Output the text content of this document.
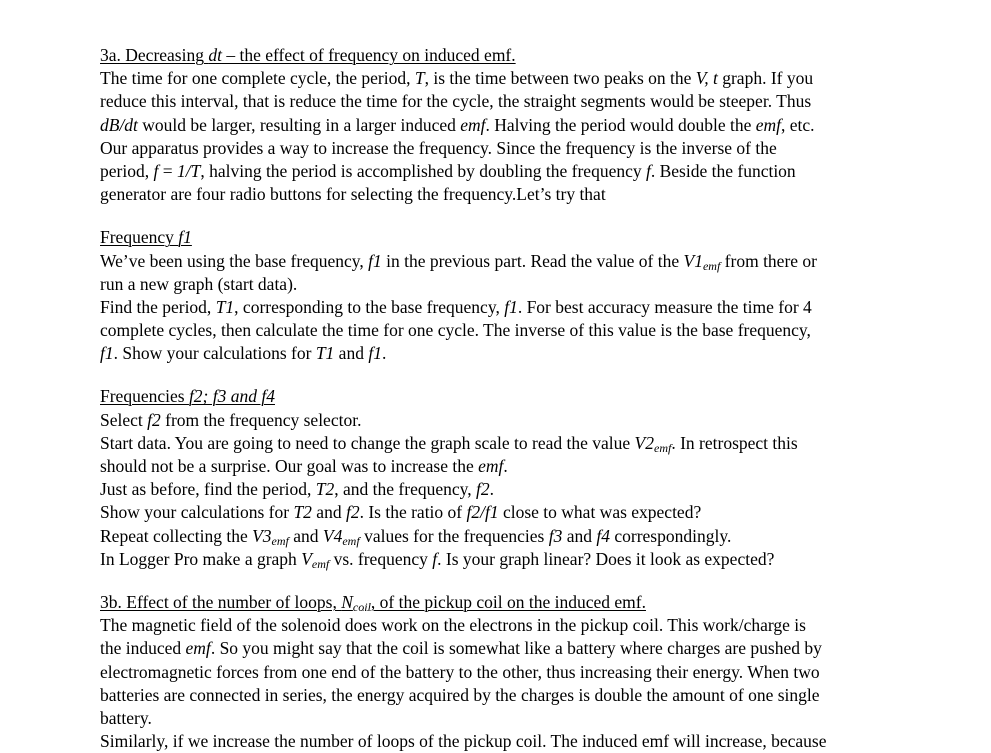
3a. Decreasing dt – the effect of frequency on induced emf.
The time for one complete cycle, the period, T, is the time between two peaks on the V, t graph. If you
reduce this interval, that is reduce the time for the cycle, the straight segments would be steeper. Thus
dB/dt would be larger, resulting in a larger induced emf. Halving the period would double the emf, etc.
Our apparatus provides a way to increase the frequency. Since the frequency is the inverse of the
period, f = 1/T, halving the period is accomplished by doubling the frequency f. Beside the function
generator are four radio buttons for selecting the frequency.Let’s try that
Frequency f1
We’ve been using the base frequency, f1 in the previous part. Read the value of the $V1_{emf}$ from there or
run a new graph (start data).
Find the period, T1, corresponding to the base frequency, f1. For best accuracy measure the time for 4
complete cycles, then calculate the time for one cycle. The inverse of this value is the base frequency,
f1. Show your calculations for T1 and f1.
Frequencies f2; f3 and f4
Select f2 from the frequency selector.
Start data. You are going to need to change the graph scale to read the value $V2_{emf}$. In retrospect this
should not be a surprise. Our goal was to increase the emf.
Just as before, find the period, T2, and the frequency, f2.
Show your calculations for T2 and f2. Is the ratio of f2/f1 close to what was expected?
Repeat collecting the $V3_{emf}$ and $V4_{emf}$ values for the frequencies f3 and f4 correspondingly.
In Logger Pro make a graph $V_{emf}$ vs. frequency f. Is your graph linear? Does it look as expected?
3b. Effect of the number of loops, $N_{coil}$, of the pickup coil on the induced emf.
The magnetic field of the solenoid does work on the electrons in the pickup coil. This work/charge is
the induced emf. So you might say that the coil is somewhat like a battery where charges are pushed by
electromagnetic forces from one end of the battery to the other, thus increasing their energy. When two
batteries are connected in series, the energy acquired by the charges is double the amount of one single
battery.
Similarly, if we increase the number of loops of the pickup coil. The induced emf will increase, because
